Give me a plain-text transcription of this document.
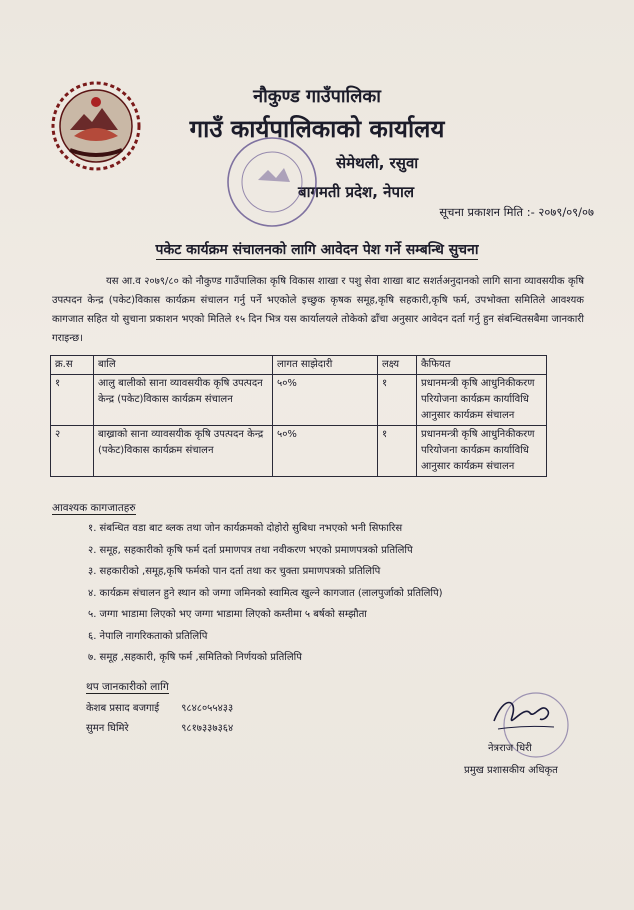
नौकुण्ड गाउँपालिका
गाउँ कार्यपालिकाको कार्यालय
सेमेथली, रसुवा
बागमती प्रदेश, नेपाल
सूचना प्रकाशन मिति :- २०७९/०९/०७
पकेट कार्यक्रम संचालनको लागि आवेदन पेश गर्ने सम्बन्धि सुचना
यस आ.व २०७९/८० को नौकुण्ड गाउँपालिका कृषि विकास शाखा र पशु सेवा शाखा बाट सशर्तअनुदानको लागि साना व्यावसयीक कृषि उपत्पदन केन्द्र (पकेट)विकास कार्यक्रम संचालन गर्नु पर्ने भएकोले इच्छुक कृषक समूह,कृषि सहकारी,कृषि फर्म, उपभोक्ता समितिले आवश्यक कागजात सहित यो सुचाना प्रकाशन भएको मितिले १५ दिन भित्र यस कार्यालयले तोकेको ढाँचा अनुसार आवेदन दर्ता गर्नु हुन संबन्धितसबैमा जानकारी गराइन्छ।
क्र.स	बालि	लागत साझेदारी	लक्ष्य	कैफियत
१	आलु बालीको साना व्यावसयीक कृषि उपत्पदन केन्द्र (पकेट)विकास कार्यक्रम संचालन	५०%	१	प्रधानमन्त्री कृषि आधुनिकीकरण परियोजना कार्यक्रम कार्याविधि आनुसार कार्यक्रम संचालन
२	बाख्राको साना व्यावसयीक कृषि उपत्पदन केन्द्र (पकेट)विकास कार्यक्रम संचालन	५०%	१	प्रधानमन्त्री कृषि आधुनिकीकरण परियोजना कार्यक्रम कार्याविधि आनुसार कार्यक्रम संचालन
आवश्यक कागजातहरु
१. संबन्धित वडा बाट ब्लक तथा जोन कार्यक्रमको दोहोरो सुबिधा नभएको भनी सिफारिस
२. समूह, सहकारीको कृषि फर्म दर्ता प्रमाणपत्र तथा नवीकरण भएको प्रमाणपत्रको प्रतिलिपि
३. सहकारीको ,समूह,कृषि फर्मको पान दर्ता तथा कर चुक्ता प्रमाणपत्रको प्रतिलिपि
४. कार्यक्रम संचालन हुने स्थान को जग्गा जमिनको स्वामित्व खुल्ने कागजात (लालपुर्जाको प्रतिलिपि)
५. जग्गा भाडामा लिएको भए जग्गा भाडामा लिएको कम्तीमा ५ बर्षको सम्झौता
६. नेपालि नागरिकताको प्रतिलिपि
७. समूह ,सहकारी, कृषि फर्म ,समितिको निर्णयको प्रतिलिपि
थप जानकारीको लागि
केशब प्रसाद बजगाई ९८४८०५५४३३
सुमन घिमिरे	९८१७३३७३६४
नेत्रराज धिरी
प्रमुख प्रशासकीय अधिकृत
